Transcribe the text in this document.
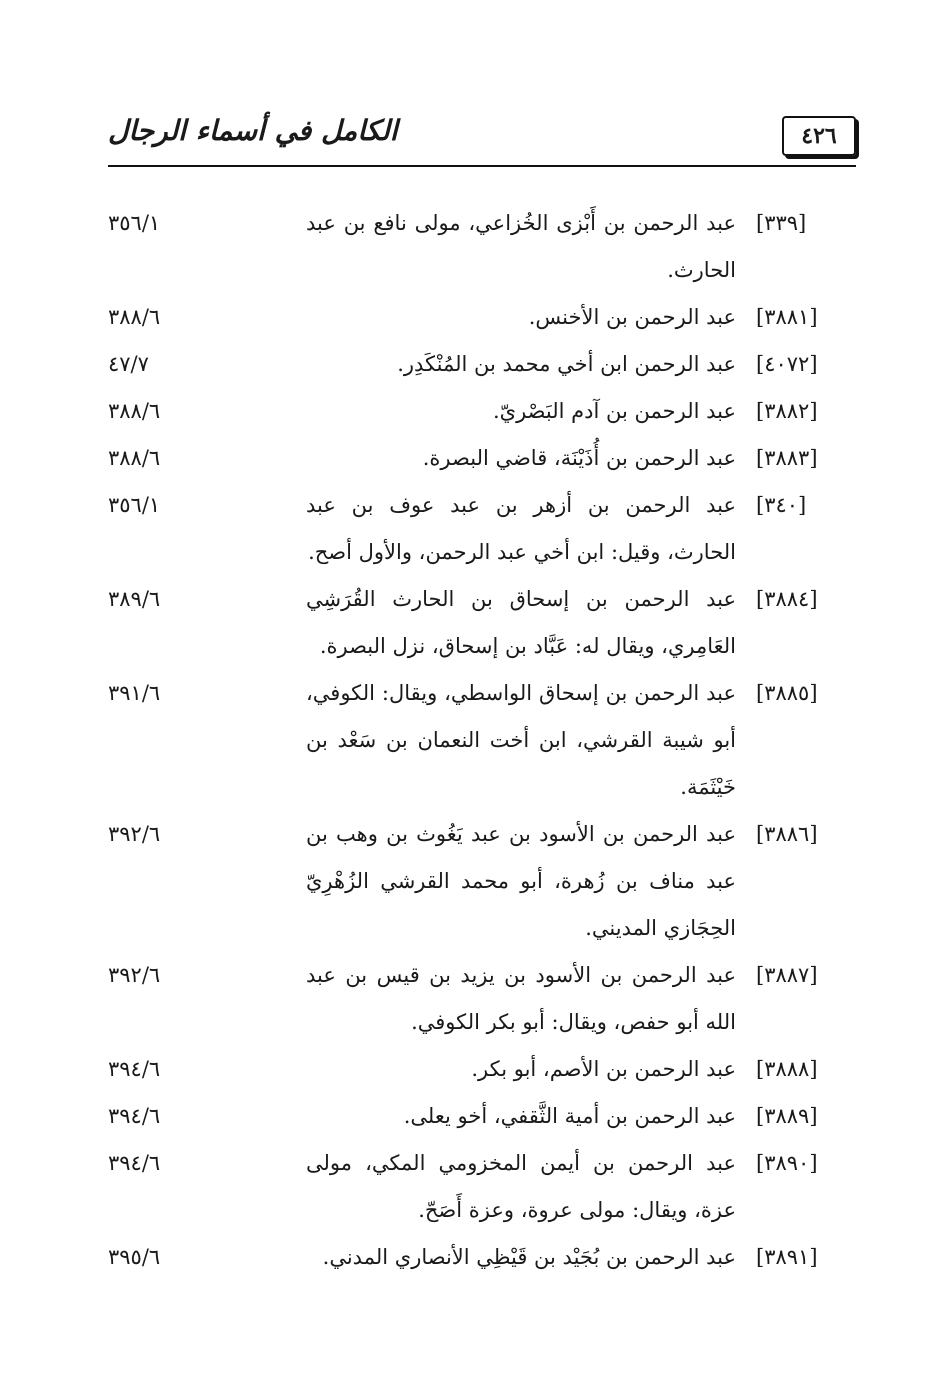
٤٢٦
الكامل في أسماء الرجال
[٣٣٩]
عبد الرحمن بن أَبْزى الخُزاعي، مولى نافع بن عبد الحارث.
٣٥٦/١
[٣٨٨١]
عبد الرحمن بن الأخنس.
٣٨٨/٦
[٤٠٧٢]
عبد الرحمن ابن أخي محمد بن المُنْكَدِر.
٤٧/٧
[٣٨٨٢]
عبد الرحمن بن آدم البَصْريّ.
٣٨٨/٦
[٣٨٨٣]
عبد الرحمن بن أُذَيْنَة، قاضي البصرة.
٣٨٨/٦
[٣٤٠]
عبد الرحمن بن أزهر بن عبد عوف بن عبد الحارث، وقيل: ابن أخي عبد الرحمن، والأول أصح.
٣٥٦/١
[٣٨٨٤]
عبد الرحمن بن إسحاق بن الحارث القُرَشِي العَامِري، ويقال له: عَبَّاد بن إسحاق، نزل البصرة.
٣٨٩/٦
[٣٨٨٥]
عبد الرحمن بن إسحاق الواسطي، ويقال: الكوفي، أبو شيبة القرشي، ابن أخت النعمان بن سَعْد بن خَيْثَمَة.
٣٩١/٦
[٣٨٨٦]
عبد الرحمن بن الأسود بن عبد يَغُوث بن وهب بن عبد مناف بن زُهرة، أبو محمد القرشي الزُهْرِيّ الحِجَازي المديني.
٣٩٢/٦
[٣٨٨٧]
عبد الرحمن بن الأسود بن يزيد بن قيس بن عبد الله أبو حفص، ويقال: أبو بكر الكوفي.
٣٩٢/٦
[٣٨٨٨]
عبد الرحمن بن الأصم، أبو بكر.
٣٩٤/٦
[٣٨٨٩]
عبد الرحمن بن أمية الثَّقفي، أخو يعلى.
٣٩٤/٦
[٣٨٩٠]
عبد الرحمن بن أيمن المخزومي المكي، مولى عزة، ويقال: مولى عروة، وعزة أَصَحّ.
٣٩٤/٦
[٣٨٩١]
عبد الرحمن بن بُجَيْد بن قَيْظِي الأنصاري المدني.
٣٩٥/٦
